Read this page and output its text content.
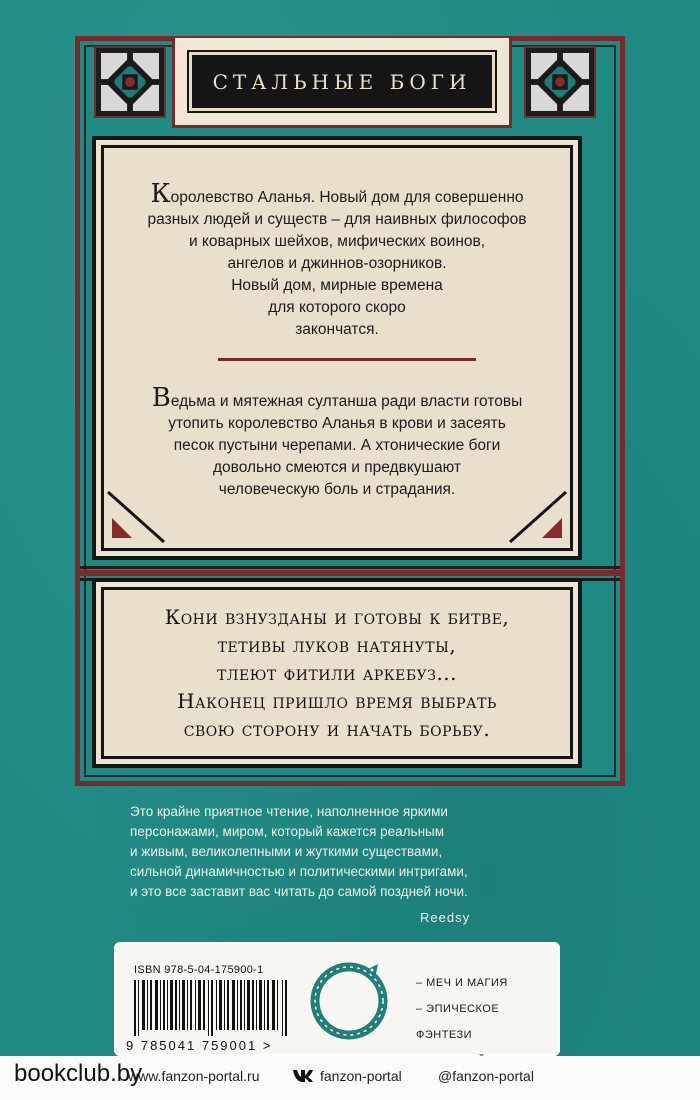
СТАЛЬНЫЕ БОГИ
Королевство Аланья. Новый дом для совершенно
разных людей и существ – для наивных философов
и коварных шейхов, мифических воинов,
ангелов и джиннов-озорников.
Новый дом, мирные времена
для которого скоро
закончатся.
Ведьма и мятежная султанша ради власти готовы
утопить королевство Аланья в крови и засеять
песок пустыни черепами. А хтонические боги
довольно смеются и предвкушают
человеческую боль и страдания.
Кони взнузданы и готовы к битве,
тетивы луков натянуты,
тлеют фитили аркебуз...
Наконец пришло время выбрать
свою сторону и начать борьбу.
Это крайне приятное чтение, наполненное яркими
персонажами, миром, который кажется реальным
и живым, великолепными и жуткими существами,
сильной динамичностью и политическими интригами,
и это все заставит вас читать до самой поздней ночи.
Reedsy
ISBN 978-5-04-175900-1
9 785041 759001 >
– МЕЧ И МАГИЯ
– ЭПИЧЕСКОЕ ФЭНТЕЗИ
bookclub.by
www.fanzon-portal.ru	fanzon-portal	@fanzon-portal
